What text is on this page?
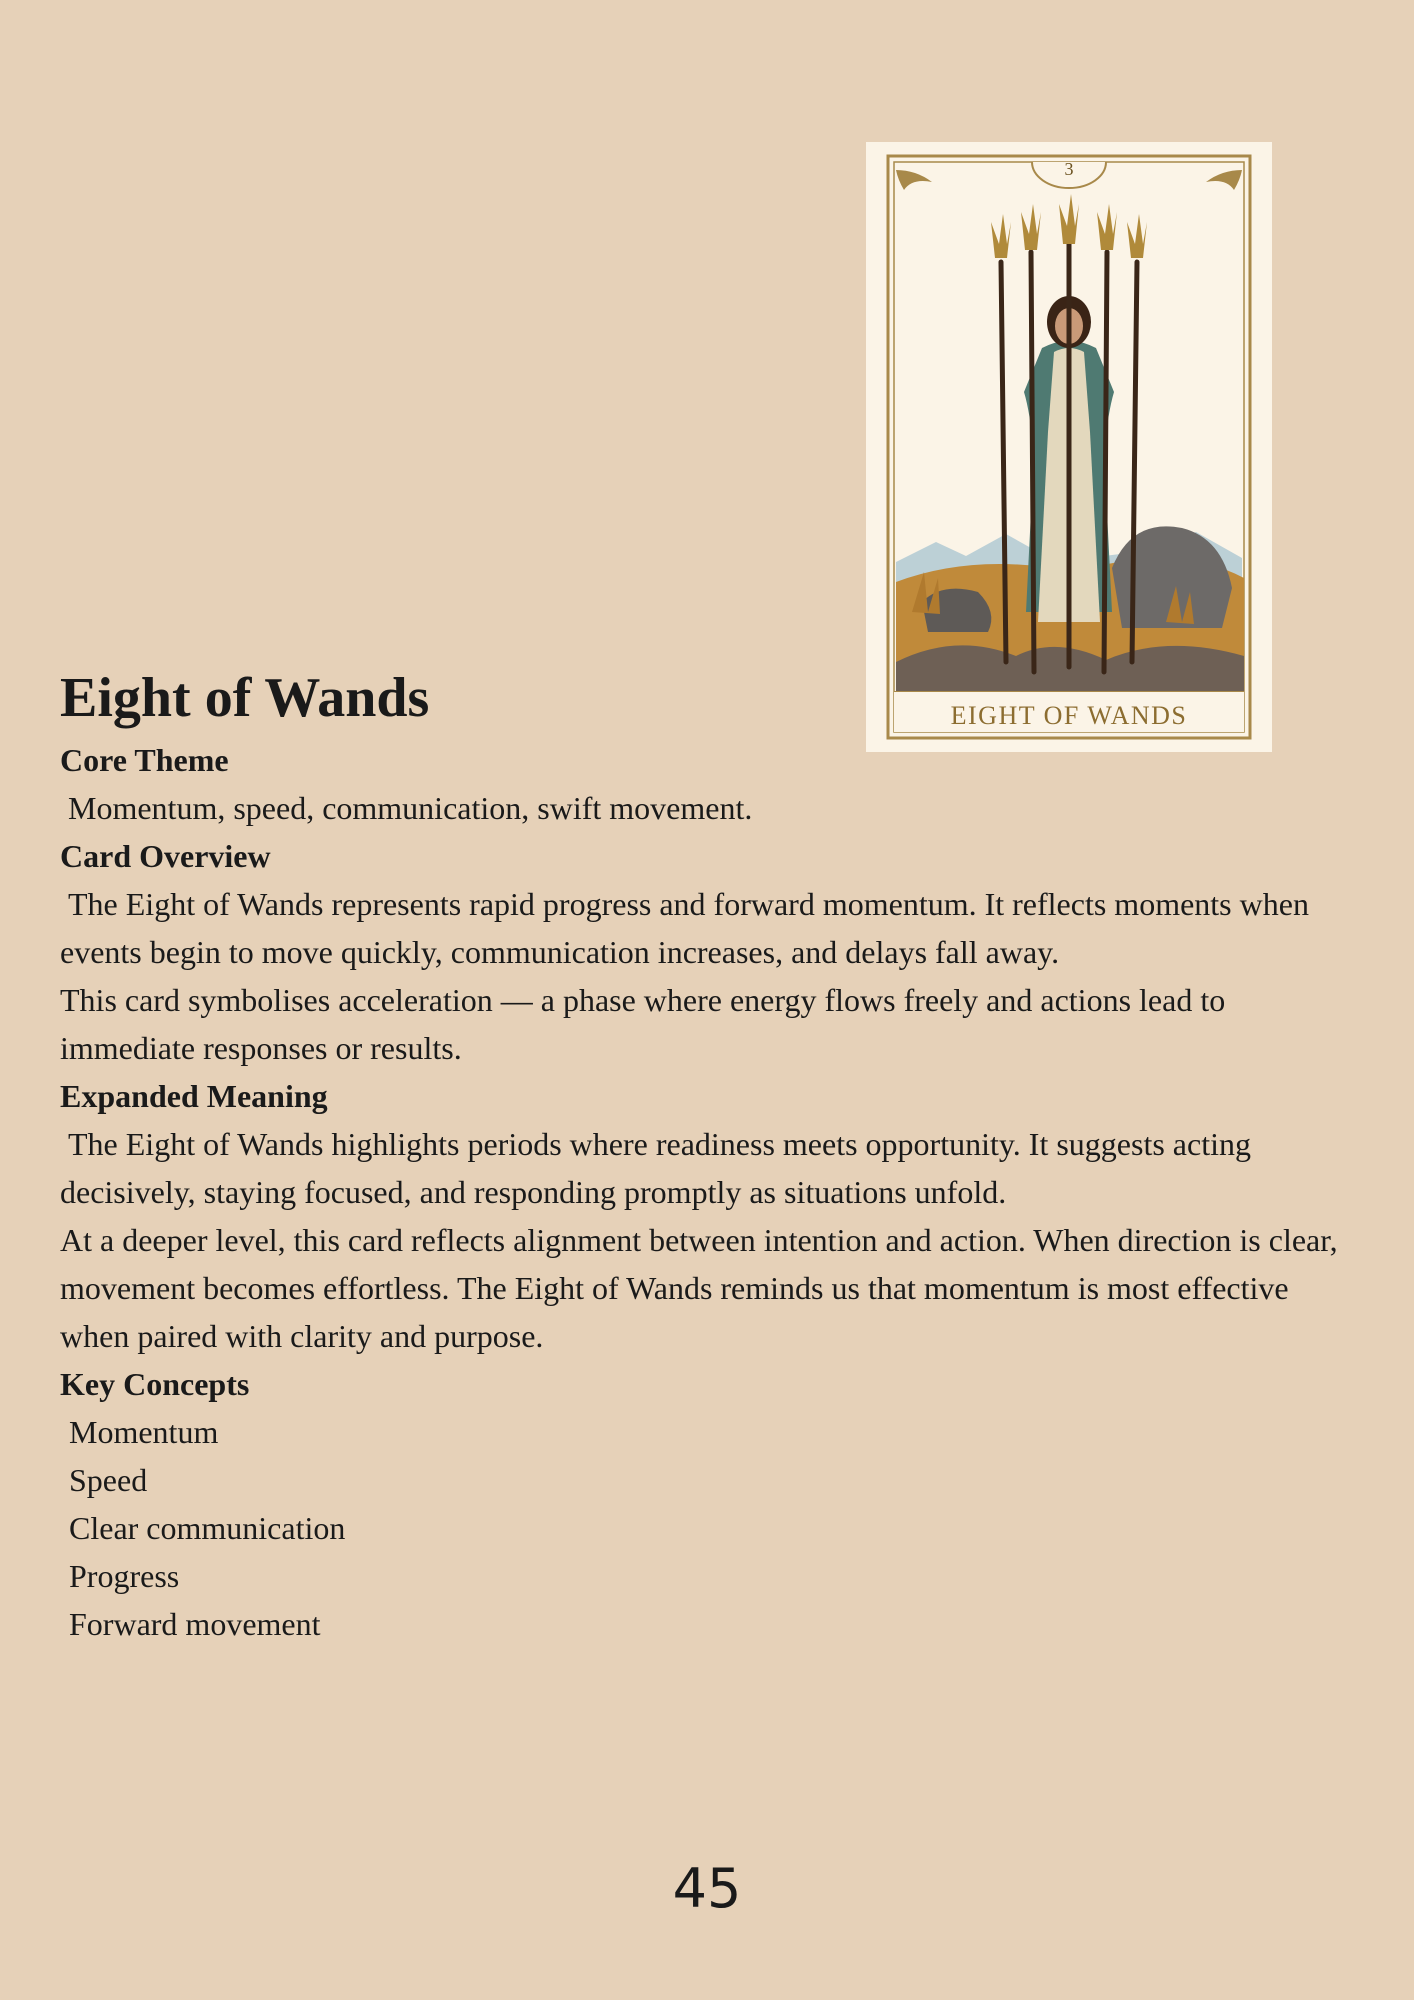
3
EIGHT OF WANDS
Eight of Wands

Core Theme

Momentum, speed, communication, swift movement.

Card Overview

The Eight of Wands represents rapid progress and forward momentum. It reflects moments when events begin to move quickly, communication increases, and delays fall away.

This card symbolises acceleration — a phase where energy flows freely and actions lead to immediate responses or results.

Expanded Meaning

The Eight of Wands highlights periods where readiness meets opportunity. It suggests acting decisively, staying focused, and responding promptly as situations unfold.

At a deeper level, this card reflects alignment between intention and action. When direction is clear, movement becomes effortless. The Eight of Wands reminds us that momentum is most effective when paired with clarity and purpose.

Key Concepts

Momentum

Speed

Clear communication

Progress

Forward movement

45
